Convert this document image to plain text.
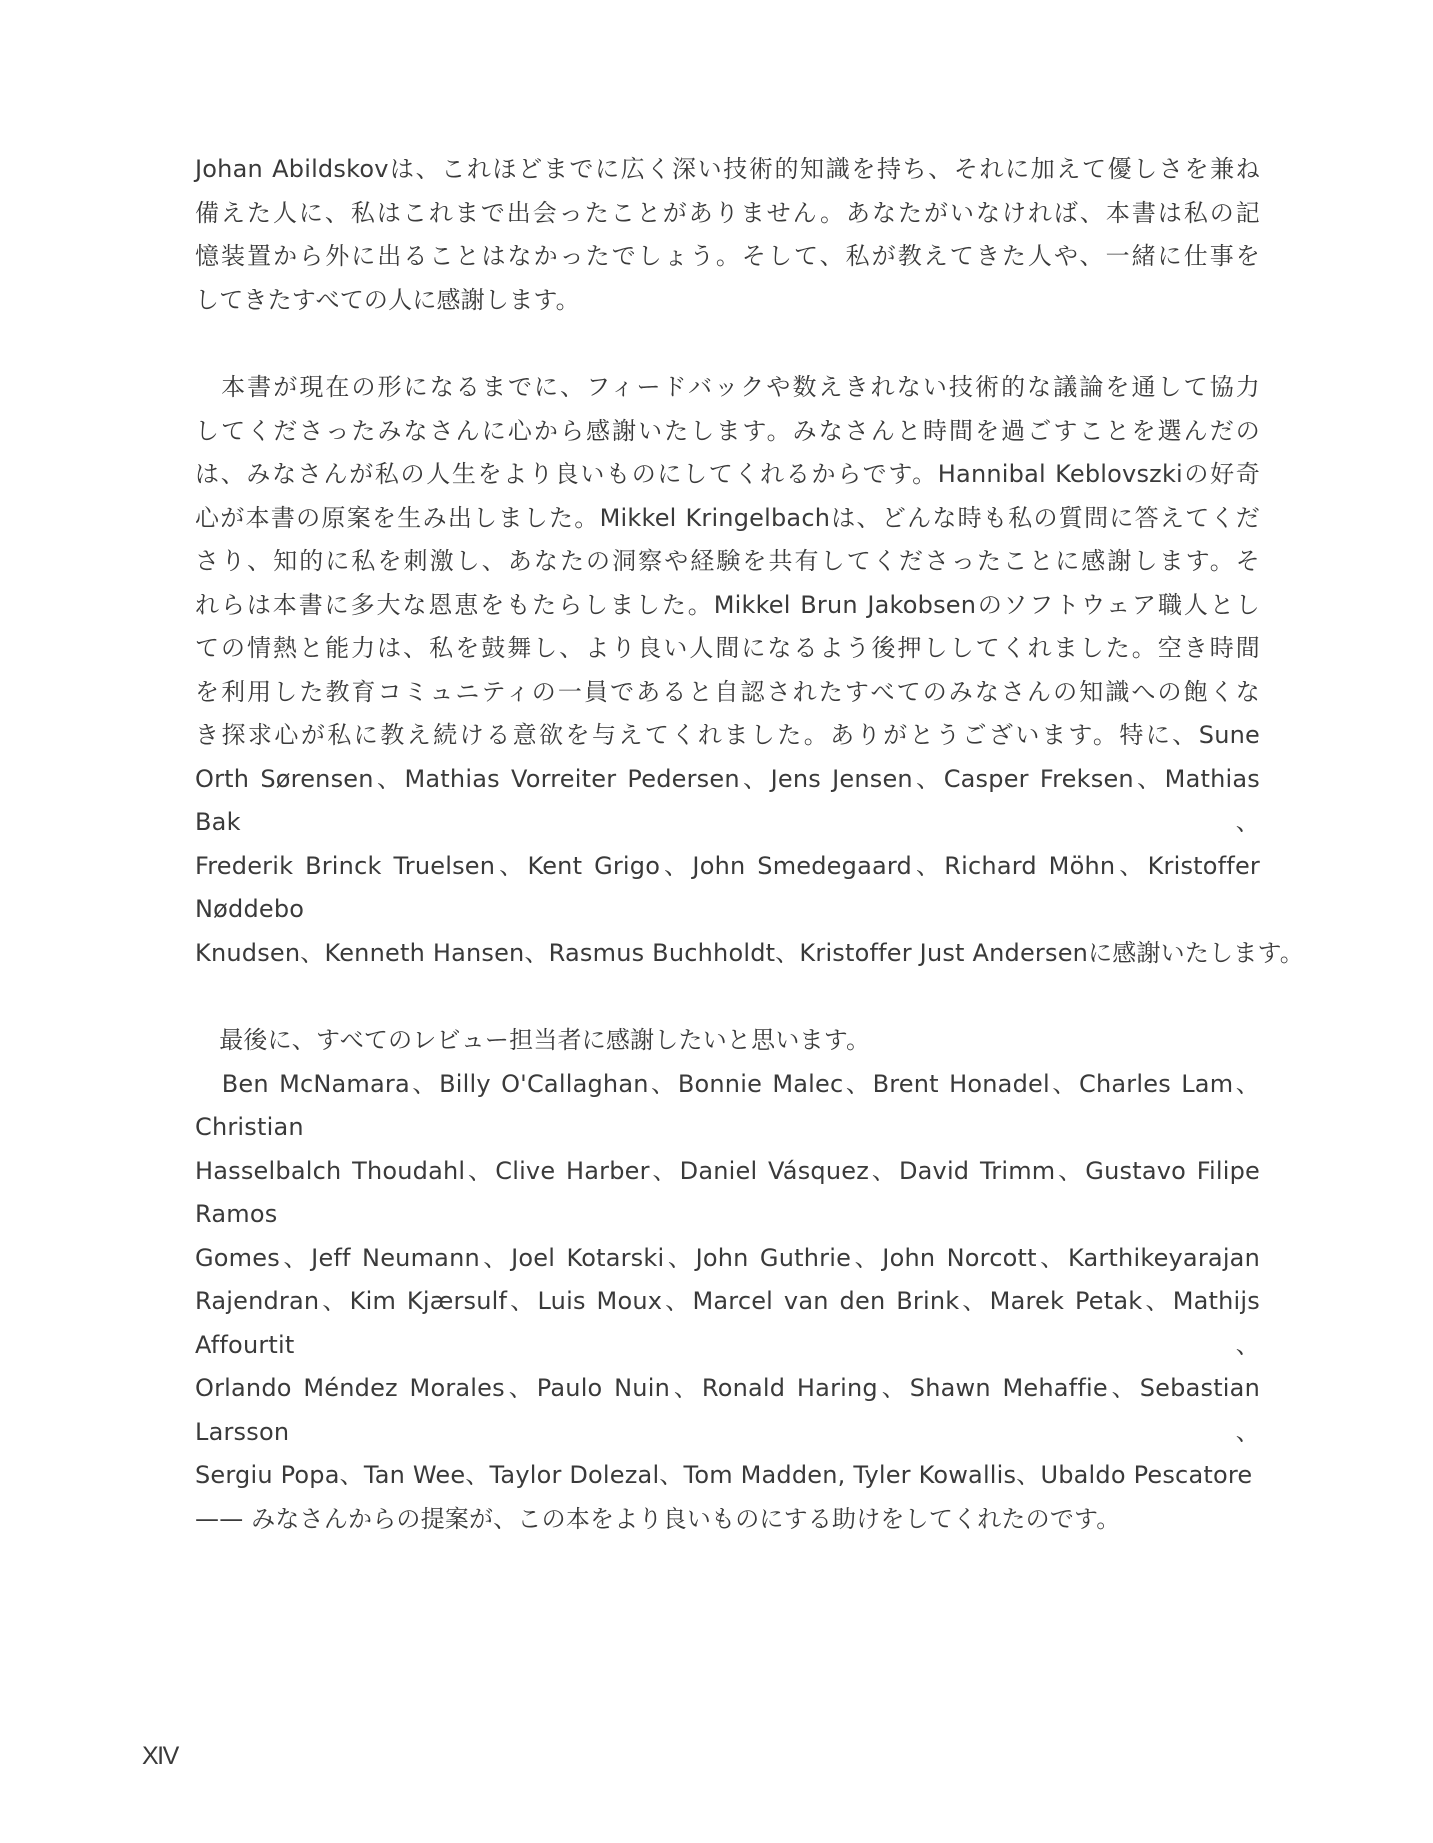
Johan Abildskovは、これほどまでに広く深い技術的知識を持ち、それに加えて優しさを兼ね
備えた人に、私はこれまで出会ったことがありません。あなたがいなければ、本書は私の記
憶装置から外に出ることはなかったでしょう。そして、私が教えてきた人や、一緒に仕事を
してきたすべての人に感謝します。
　本書が現在の形になるまでに、フィードバックや数えきれない技術的な議論を通して協力
してくださったみなさんに心から感謝いたします。みなさんと時間を過ごすことを選んだの
は、みなさんが私の人生をより良いものにしてくれるからです。Hannibal Keblovszkiの好奇
心が本書の原案を生み出しました。Mikkel Kringelbachは、どんな時も私の質問に答えてくだ
さり、知的に私を刺激し、あなたの洞察や経験を共有してくださったことに感謝します。そ
れらは本書に多大な恩恵をもたらしました。Mikkel Brun Jakobsenのソフトウェア職人とし
ての情熱と能力は、私を鼓舞し、より良い人間になるよう後押ししてくれました。空き時間
を利用した教育コミュニティの一員であると自認されたすべてのみなさんの知識への飽くな
き探求心が私に教え続ける意欲を与えてくれました。ありがとうございます。特に、Sune
Orth Sørensen、Mathias Vorreiter Pedersen、Jens Jensen、Casper Freksen、Mathias Bak、
Frederik Brinck Truelsen、Kent Grigo、John Smedegaard、Richard Möhn、Kristoffer Nøddebo
Knudsen、Kenneth Hansen、Rasmus Buchholdt、Kristoffer Just Andersenに感謝いたします。
　最後に、すべてのレビュー担当者に感謝したいと思います。
　Ben McNamara、Billy O'Callaghan、Bonnie Malec、Brent Honadel、Charles Lam、Christian
Hasselbalch Thoudahl、Clive Harber、Daniel Vásquez、David Trimm、Gustavo Filipe Ramos
Gomes、Jeff Neumann、Joel Kotarski、John Guthrie、John Norcott、Karthikeyarajan
Rajendran、Kim Kjærsulf、Luis Moux、Marcel van den Brink、Marek Petak、Mathijs Affourtit、
Orlando Méndez Morales、Paulo Nuin、Ronald Haring、Shawn Mehaffie、Sebastian Larsson、
Sergiu Popa、Tan Wee、Taylor Dolezal、Tom Madden, Tyler Kowallis、Ubaldo Pescatore
—— みなさんからの提案が、この本をより良いものにする助けをしてくれたのです。
XIV
